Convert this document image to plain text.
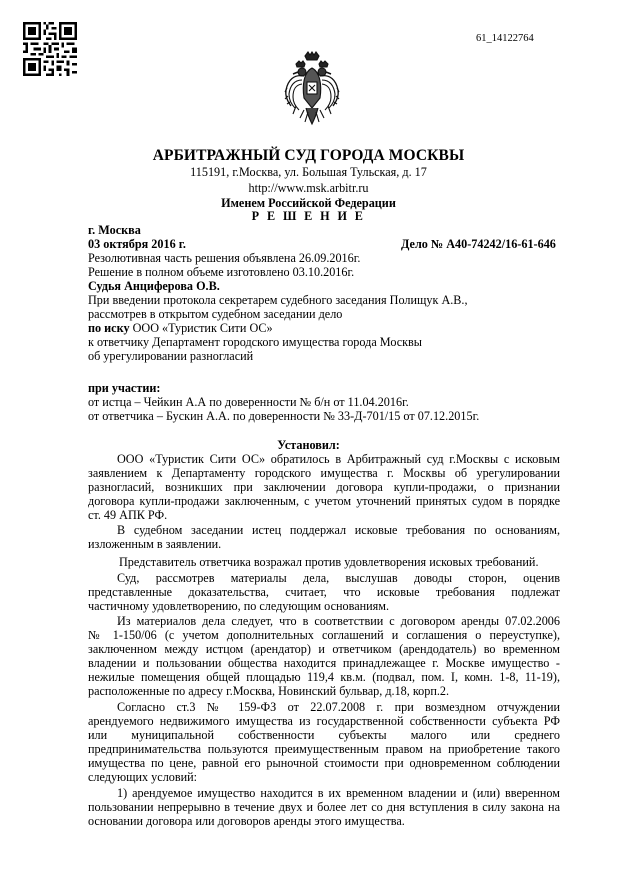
61_14122764
АРБИТРАЖНЫЙ СУД ГОРОДА МОСКВЫ
115191, г.Москва, ул. Большая Тульская, д. 17
http://www.msk.arbitr.ru
Именем Российской Федерации
Р Е Ш Е Н И Е
г. Москва
03 октября 2016 г.	Дело № А40-74242/16-61-646
Резолютивная часть решения объявлена 26.09.2016г.
Решение в полном объеме изготовлено 03.10.2016г.
Судья Анциферова О.В.
При введении протокола секретарем судебного заседания Полищук А.В.,
рассмотрев в открытом судебном заседании дело
по иску ООО «Туристик Сити ОС»
к ответчику Департамент городского имущества города Москвы
об урегулировании разногласий
при участии:
от истца – Чейкин А.А по доверенности № б/н от 11.04.2016г.
от ответчика – Бускин А.А. по доверенности № 33-Д-701/15 от 07.12.2015г.
Установил:
ООО «Туристик Сити ОС» обратилось в Арбитражный суд г.Москвы с исковым
заявлением к Департаменту городского имущества г. Москвы об урегулировании
разногласий, возникших при заключении договора купли-продажи, о признании
договора купли-продажи заключенным, с учетом уточнений принятых судом в порядке
ст. 49 АПК РФ.
В судебном заседании истец поддержал исковые требования по основаниям,
изложенным в заявлении.
Представитель ответчика возражал против удовлетворения исковых требований.
Суд, рассмотрев материалы дела, выслушав доводы сторон, оценив
представленные доказательства, считает, что исковые требования подлежат
частичному удовлетворению, по следующим основаниям.
Из материалов дела следует, что в соответствии с договором аренды 07.02.2006
№ 1-150/06 (с учетом дополнительных соглашений и соглашения о переуступке),
заключенном между истцом (арендатор) и ответчиком (арендодатель) во временном
владении и пользовании общества находится принадлежащее г. Москве имущество -
нежилые помещения общей площадью 119,4 кв.м. (подвал, пом. I, комн. 1-8, 11-19),
расположенные по адресу г.Москва, Новинский бульвар, д.18, корп.2.
Согласно ст.3 № 159-ФЗ от 22.07.2008 г. при возмездном отчуждении
арендуемого недвижимого имущества из государственной собственности субъекта РФ
или муниципальной собственности субъекты малого или среднего
предпринимательства пользуются преимущественным правом на приобретение такого
имущества по цене, равной его рыночной стоимости при одновременном соблюдении
следующих условий:
1) арендуемое имущество находится в их временном владении и (или) вверенном
пользовании непрерывно в течение двух и более лет со дня вступления в силу закона на
основании договора или договоров аренды этого имущества.
